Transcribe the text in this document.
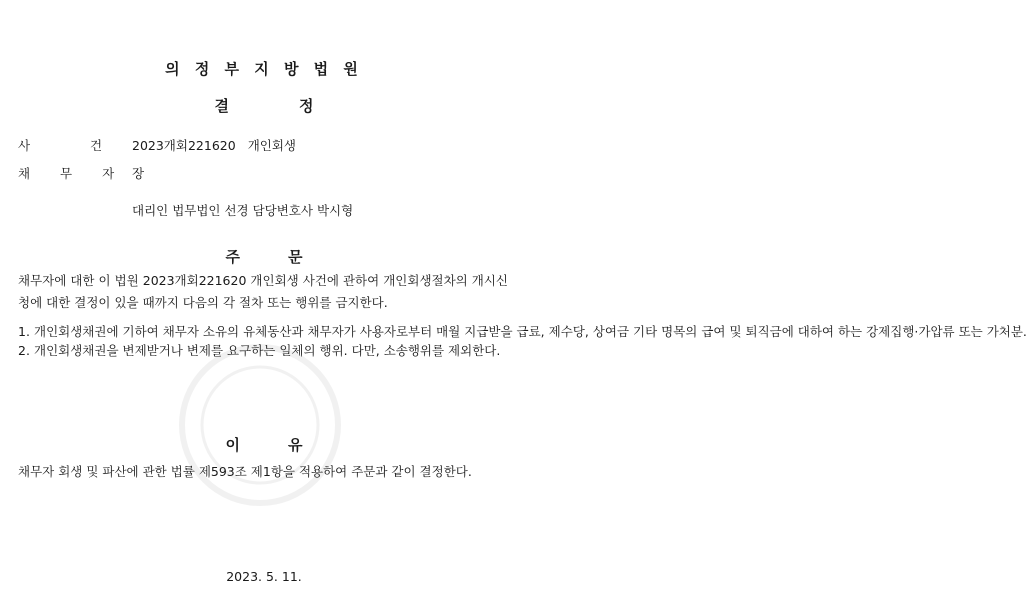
의 정 부 지 방 법 원
결	정
사 건 2023개회221620 개인회생
채 무 자 장
대리인 법무법인 선경 담당변호사 박시형
주	문
채무자에 대한 이 법원 2023개회221620 개인회생 사건에 관하여 개인회생절차의 개시신청에 대한 결정이 있을 때까지 다음의 각 절차 또는 행위를 금지한다.
1. 개인회생채권에 기하여 채무자 소유의 유체동산과 채무자가 사용자로부터 매월 지급받을 급료, 제수당, 상여금 기타 명목의 급여 및 퇴직금에 대하여 하는 강제집행·가압류 또는 가처분.
2. 개인회생채권을 변제받거나 변제를 요구하는 일체의 행위. 다만, 소송행위를 제외한다.
이	유
채무자 회생 및 파산에 관한 법률 제593조 제1항을 적용하여 주문과 같이 결정한다.
2023. 5. 11.
